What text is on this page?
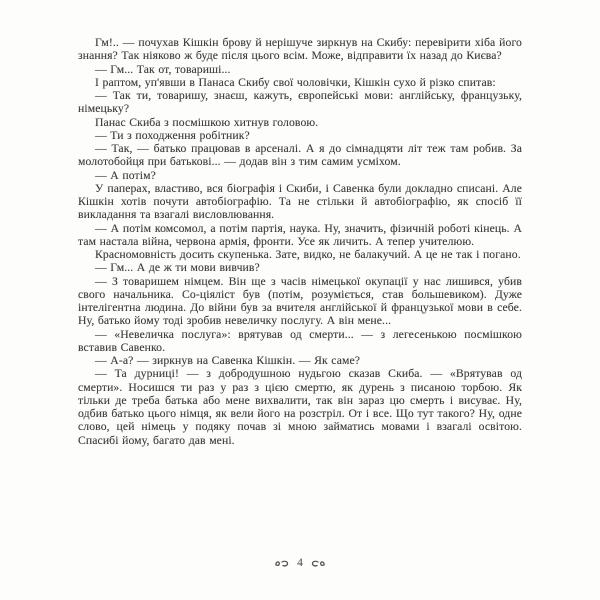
Гм!.. — почухав Кішкін брову й нерішуче зиркнув на Скибу: перевірити хіба його знання? Так ніяково ж буде після цього всім. Може, відправити їх назад до Києва?

— Гм... Так от, товариші...

І раптом, уп'явши в Панаса Скибу свої чоловічки, Кішкін сухо й різко спитав:

— Так ти, товаришу, знаєш, кажуть, європейські мови: англійську, французьку, німецьку?

Панас Скиба з посмішкою хитнув головою.

— Ти з походження робітник?

— Так, — батько працював в арсеналі. А я до сімнадцяти літ теж там робив. За молотобойця при батькові... — додав він з тим самим усміхом.

— А потім?

У паперах, властиво, вся біографія і Скиби, і Савенка були докладно списані. Але Кішкін хотів почути автобіографію. Та не стільки й автобіографію, як спосіб її викладання та взагалі висловлювання.

— А потім комсомол, а потім партія, наука. Ну, значить, фізичній роботі кінець. А там настала війна, червона армія, фронти. Усе як личить. А тепер учителюю.

Красномовність досить скупенька. Зате, видко, не балакучий. А це не так і погано.

— Гм... А де ж ти мови вивчив?

— З товаришем німцем. Він ще з часів німецької окупації у нас лишився, убив свого начальника. Со-ціяліст був (потім, розуміється, став большевиком). Дуже інтелігентна людина. До війни був за вчителя англійської й французької мови в себе. Ну, батько йому тоді зробив невеличку послугу. А він мене...

— «Невеличка послуга»: врятував од смерти... — з легесенькою посмішкою вставив Савенко.

— А-а? — зиркнув на Савенка Кішкін. — Як саме?

— Та дурниці! — з добродушною нудьгою сказав Скиба. — «Врятував од смерти». Носишся ти раз у раз з цією смертю, як дурень з писаною торбою. Як тільки де треба батька або мене вихвалити, так він зараз цю смерть і висуває. Ну, одбив батько цього німця, як вели його на розстріл. От і все. Що тут такого? Ну, одне слово, цей німець у подяку почав зі мною займатись мовами і взагалі освітою. Спасибі йому, багато дав мені.

4
